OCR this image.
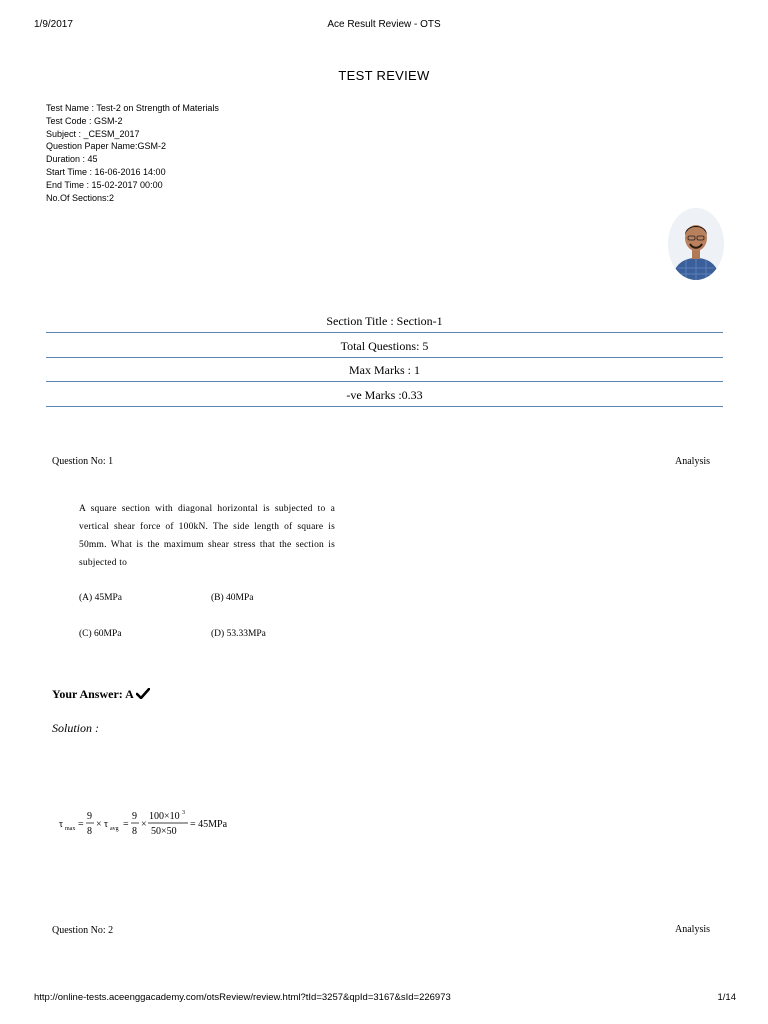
1/9/2017	Ace Result Review - OTS
TEST REVIEW
Test Name : Test-2 on Strength of Materials
Test Code : GSM-2
Subject : _CESM_2017
Question Paper Name:GSM-2
Duration : 45
Start Time : 16-06-2016 14:00
End Time : 15-02-2017 00:00
No.Of Sections:2
Section Title : Section-1
Total Questions: 5
Max Marks : 1
-ve Marks :0.33
Question No: 1	Analysis
A square section with diagonal horizontal is subjected to a vertical shear force of 100kN. The side length of square is 50mm. What is the maximum shear stress that the section is subjected to
(A) 45MPa	(B) 40MPa
(C) 60MPa	(D) 53.33MPa
Your Answer: A
Solution :
τ max =
9
8
× τ avg =
9
8
×
100×10 3
50×50
= 45MPa
Question No: 2	Analysis
http://online-tests.aceenggacademy.com/otsReview/review.html?tId=3257&qpId=3167&sId=226973	1/14
